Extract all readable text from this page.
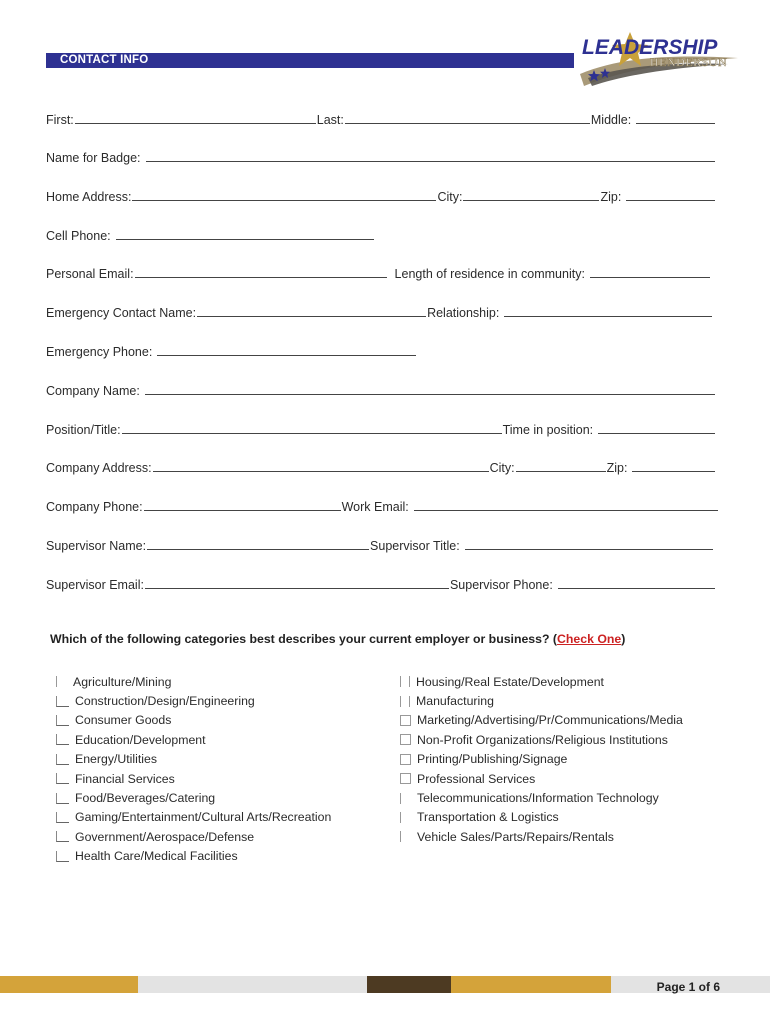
CONTACT INFO
LEADERSHIP
HENDERSON
First:	Last:	Middle:
Name for Badge:
Home Address:	City:	Zip:
Cell Phone:
Personal Email:	Length of residence in community:
Emergency Contact Name:	Relationship:
Emergency Phone:
Company Name:
Position/Title:	Time in position:
Company Address:	City:	Zip:
Company Phone:	Work Email:
Supervisor Name:	Supervisor Title:
Supervisor Email:	Supervisor Phone:
Which of the following categories best describes your current employer or business? (Check One)
Agriculture/Mining
Construction/Design/Engineering
Consumer Goods
Education/Development
Energy/Utilities
Financial Services
Food/Beverages/Catering
Gaming/Entertainment/Cultural Arts/Recreation
Government/Aerospace/Defense
Health Care/Medical Facilities
Housing/Real Estate/Development
Manufacturing
Marketing/Advertising/Pr/Communications/Media
Non-Profit Organizations/Religious Institutions
Printing/Publishing/Signage
Professional Services
Telecommunications/Information Technology
Transportation & Logistics
Vehicle Sales/Parts/Repairs/Rentals
Page 1 of 6
